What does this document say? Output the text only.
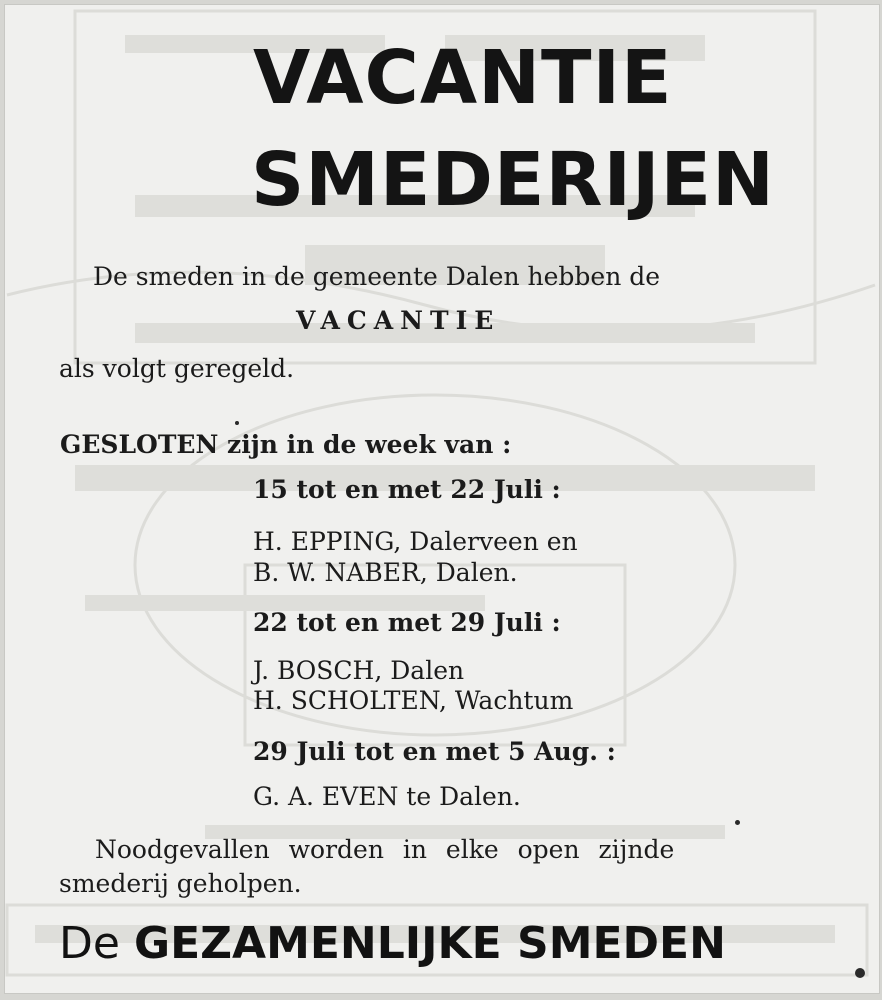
VACANTIE
SMEDERIJEN
De smeden in de gemeente Dalen hebben de
VACANTIE
als volgt geregeld.
GESLOTEN zijn in de week van :
15 tot en met 22 Juli :
H. EPPING, Dalerveen en
B. W. NABER, Dalen.
22 tot en met 29 Juli :
J. BOSCH, Dalen
H. SCHOLTEN, Wachtum
29 Juli tot en met 5 Aug. :
G. A. EVEN te Dalen.
Noodgevallen worden in elke open zijnde
smederij geholpen.
De GEZAMENLIJKE SMEDEN
